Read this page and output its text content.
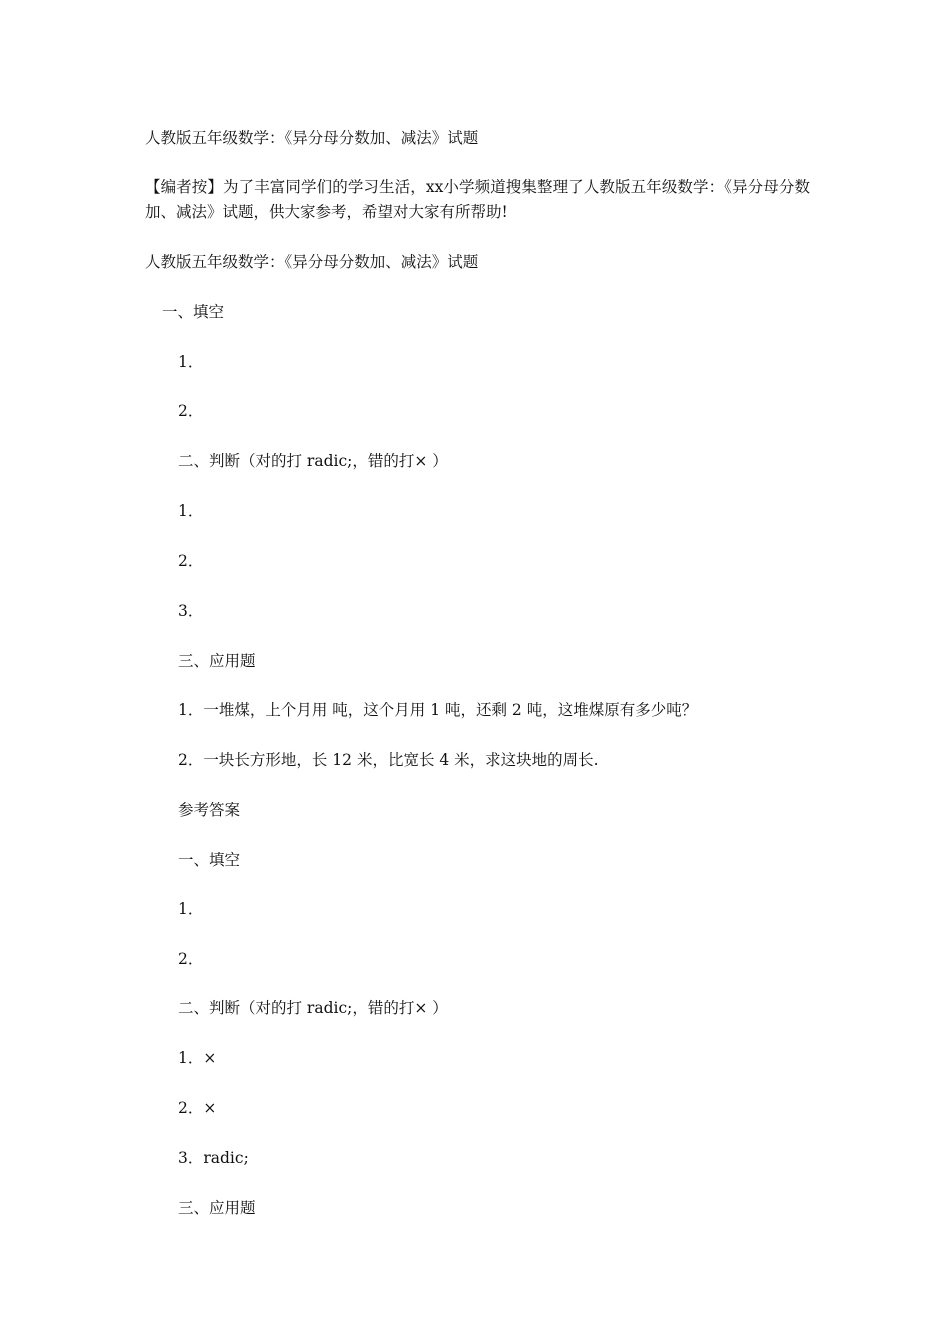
人教版五年级数学：《异分母分数加、减法》试题
【编者按】为了丰富同学们的学习生活，xx小学频道搜集整理了人教版五年级数学：《异分母分数加、减法》试题，供大家参考，希望对大家有所帮助!
人教版五年级数学：《异分母分数加、减法》试题
一、填空
1．
2．
二、判断（对的打 radic;，错的打× ）
1．
2．
3．
三、应用题
1．一堆煤，上个月用 吨，这个月用 1 吨，还剩 2 吨，这堆煤原有多少吨？
2．一块长方形地，长 12 米，比宽长 4 米，求这块地的周长.
参考答案
一、填空
1．
2．
二、判断（对的打 radic;，错的打× ）
1．×
2．×
3．radic;
三、应用题
